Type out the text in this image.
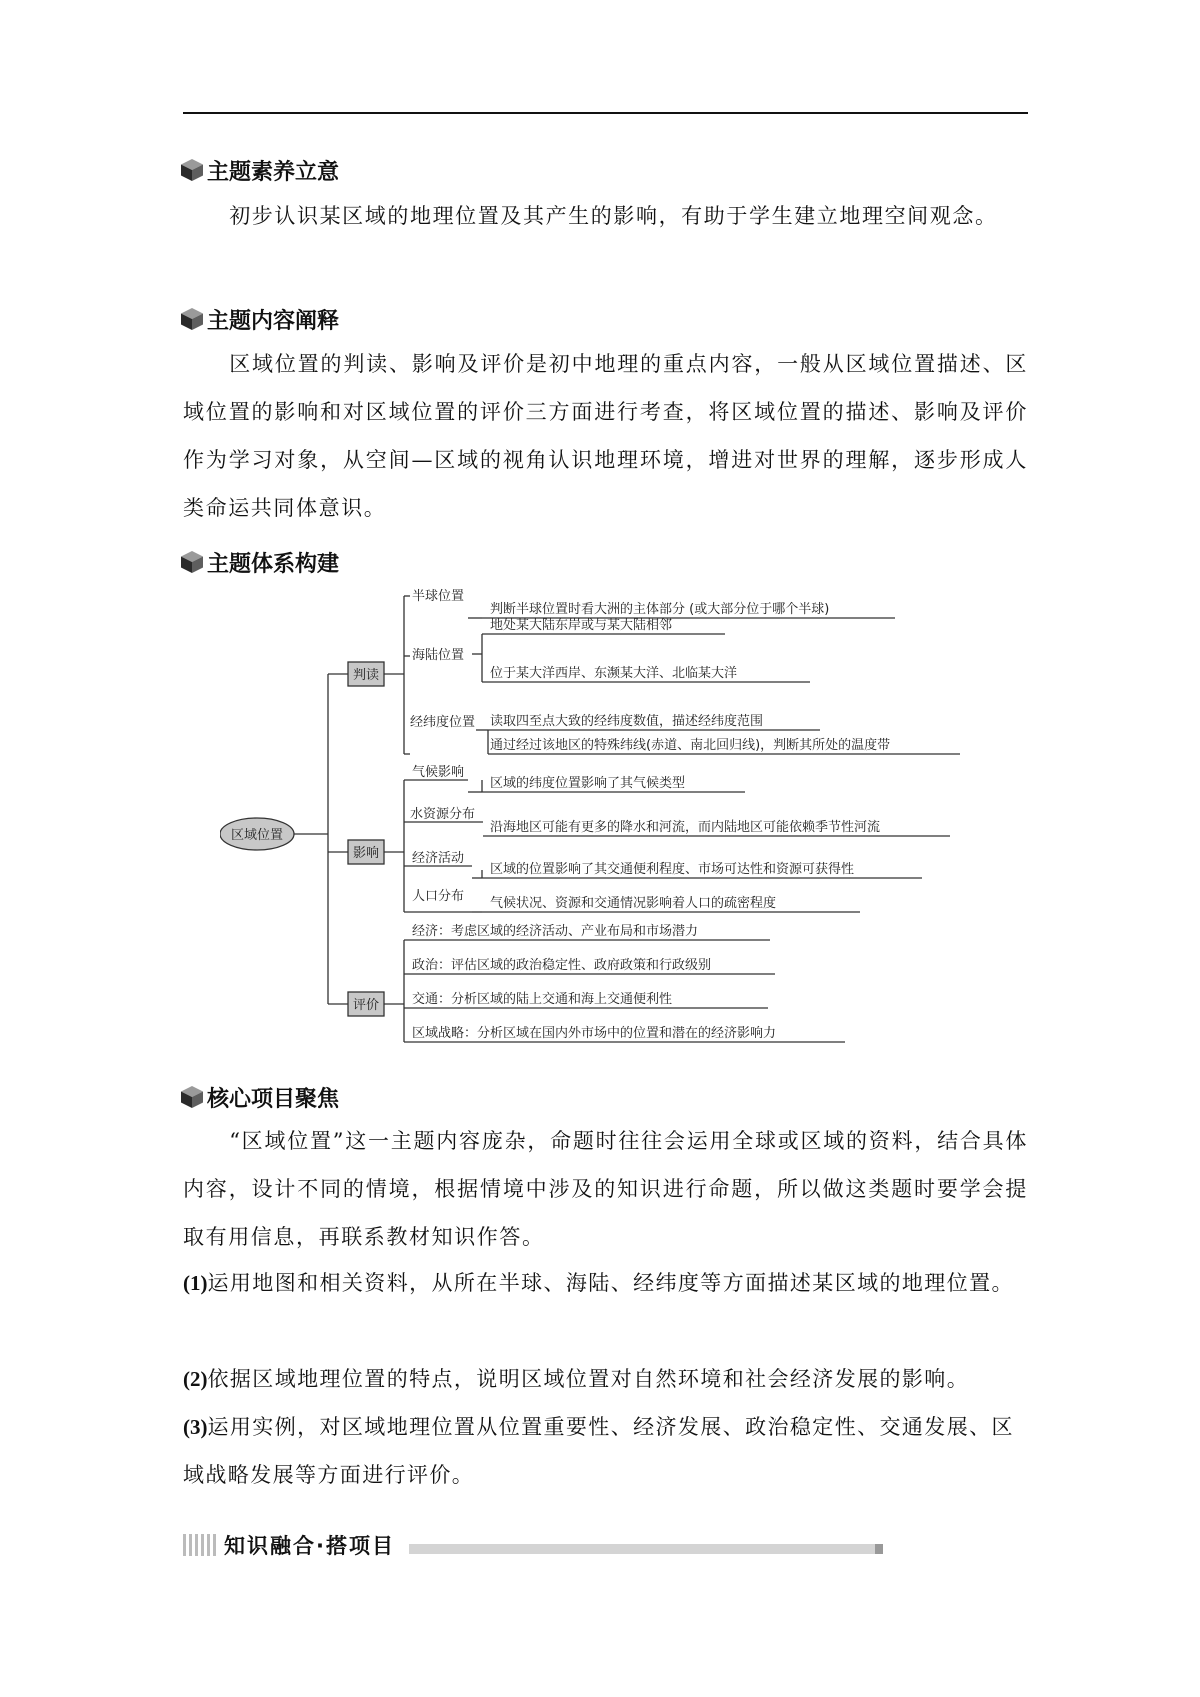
主题素养立意

初步认识某区域的地理位置及其产生的影响，有助于学生建立地理空间观念。

主题内容阐释

区域位置的判读、影响及评价是初中地理的重点内容，一般从区域位置描述、区域位置的影响和对区域位置的评价三方面进行考查，将区域位置的描述、影响及评价作为学习对象，从空间—区域的视角认识地理环境，增进对世界的理解，逐步形成人类命运共同体意识。

主题体系构建
区域位置
判读
影响
评价
半球位置
判断半球位置时看大洲的主体部分 (或大部分位于哪个半球)
海陆位置
地处某大陆东岸或与某大陆相邻
位于某大洋西岸、东濒某大洋、北临某大洋
经纬度位置 读取四至点大致的经纬度数值，描述经纬度范围
通过经过该地区的特殊纬线(赤道、南北回归线)，判断其所处的温度带
气候影响
区域的纬度位置影响了其气候类型
水资源分布
沿海地区可能有更多的降水和河流，而内陆地区可能依赖季节性河流
经济活动
区域的位置影响了其交通便利程度、市场可达性和资源可获得性
人口分布 气候状况、资源和交通情况影响着人口的疏密程度
经济：考虑区域的经济活动、产业布局和市场潜力
政治：评估区域的政治稳定性、政府政策和行政级别
交通：分析区域的陆上交通和海上交通便利性
区域战略：分析区域在国内外市场中的位置和潜在的经济影响力
核心项目聚焦

“区域位置”这一主题内容庞杂，命题时往往会运用全球或区域的资料，结合具体内容，设计不同的情境，根据情境中涉及的知识进行命题，所以做这类题时要学会提取有用信息，再联系教材知识作答。

(1)运用地图和相关资料，从所在半球、海陆、经纬度等方面描述某区域的地理位置。

(2)依据区域地理位置的特点，说明区域位置对自然环境和社会经济发展的影响。

(3)运用实例，对区域地理位置从位置重要性、经济发展、政治稳定性、交通发展、区域战略发展等方面进行评价。

知识融合·搭项目
